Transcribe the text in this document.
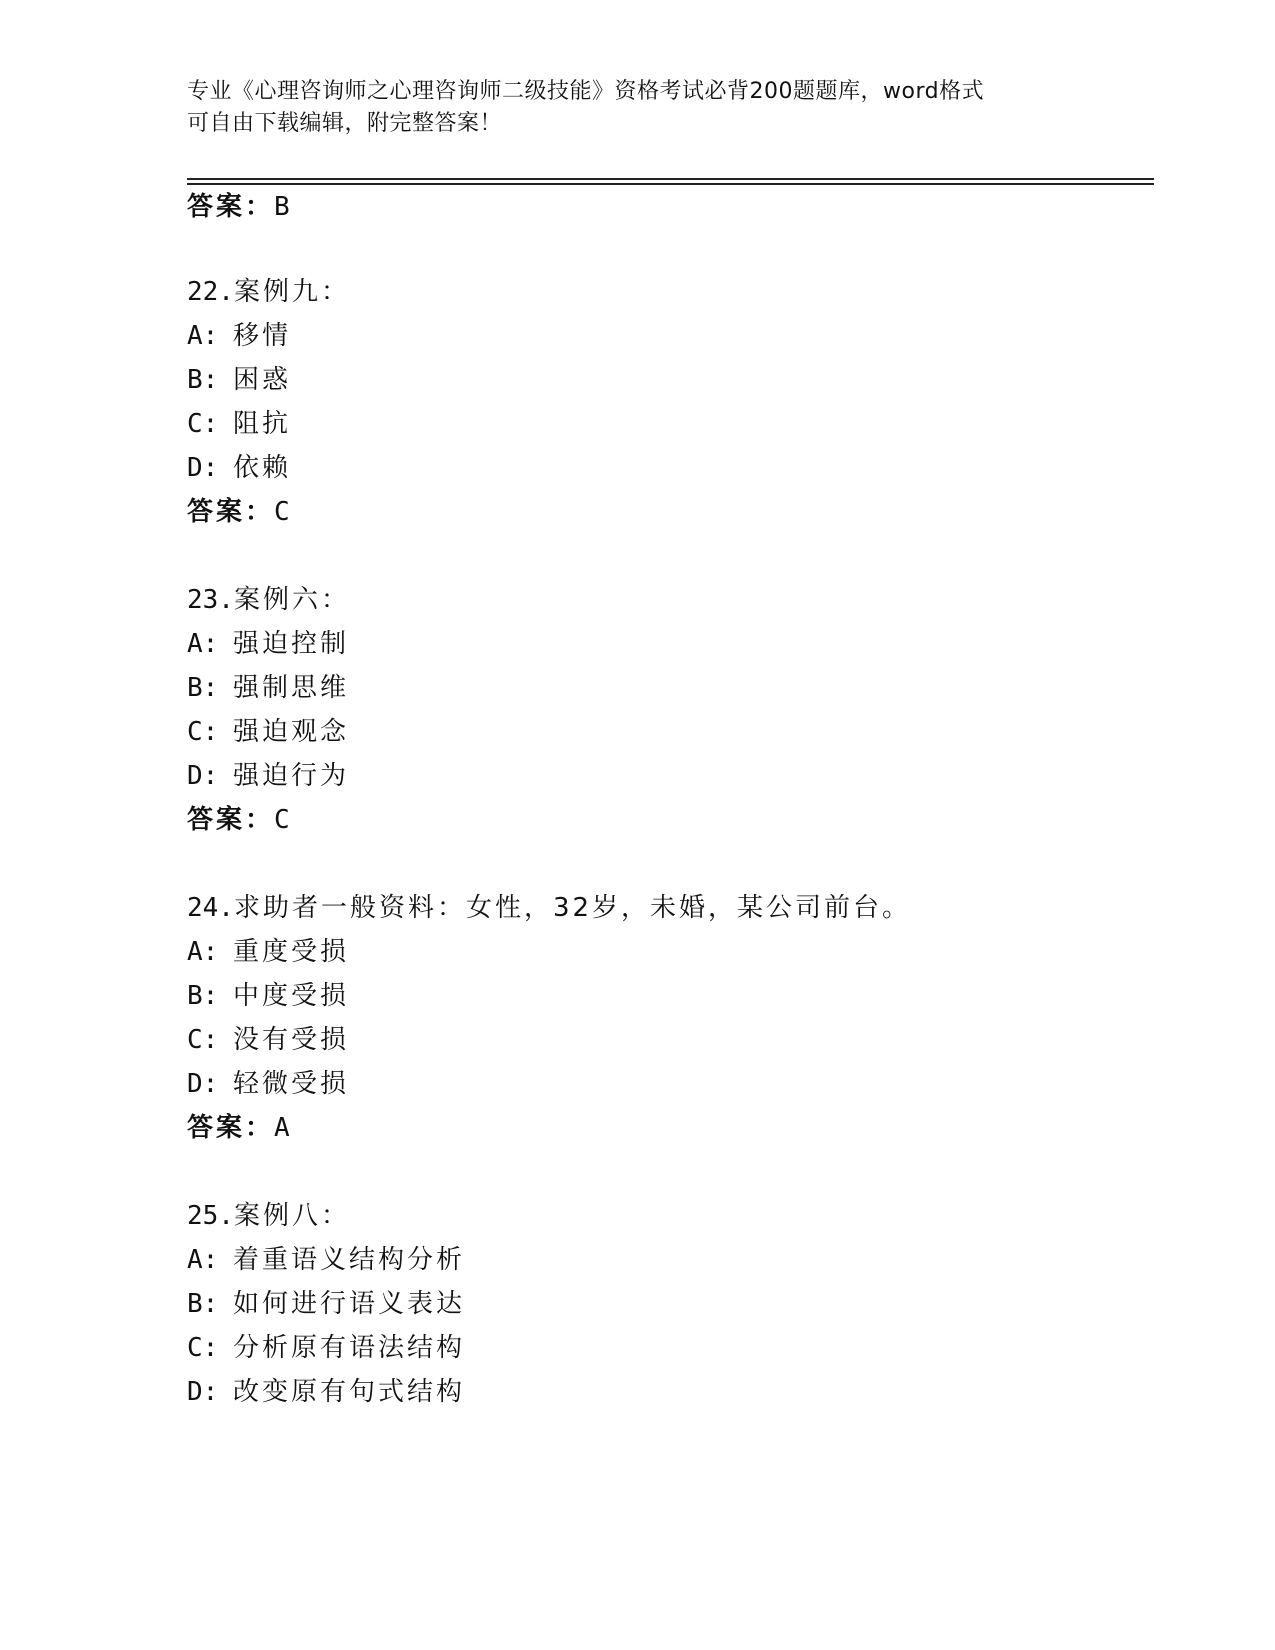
专业《心理咨询师之心理咨询师二级技能》资格考试必背200题题库，word格式
可自由下载编辑，附完整答案！
答案：B
22.案例九：
A: 移情
B: 困惑
C: 阻抗
D: 依赖
答案：C
23.案例六：
A: 强迫控制
B: 强制思维
C: 强迫观念
D: 强迫行为
答案：C
24.求助者一般资料：女性，32岁，未婚，某公司前台。
A: 重度受损
B: 中度受损
C: 没有受损
D: 轻微受损
答案：A
25.案例八：
A: 着重语义结构分析
B: 如何进行语义表达
C: 分析原有语法结构
D: 改变原有句式结构
